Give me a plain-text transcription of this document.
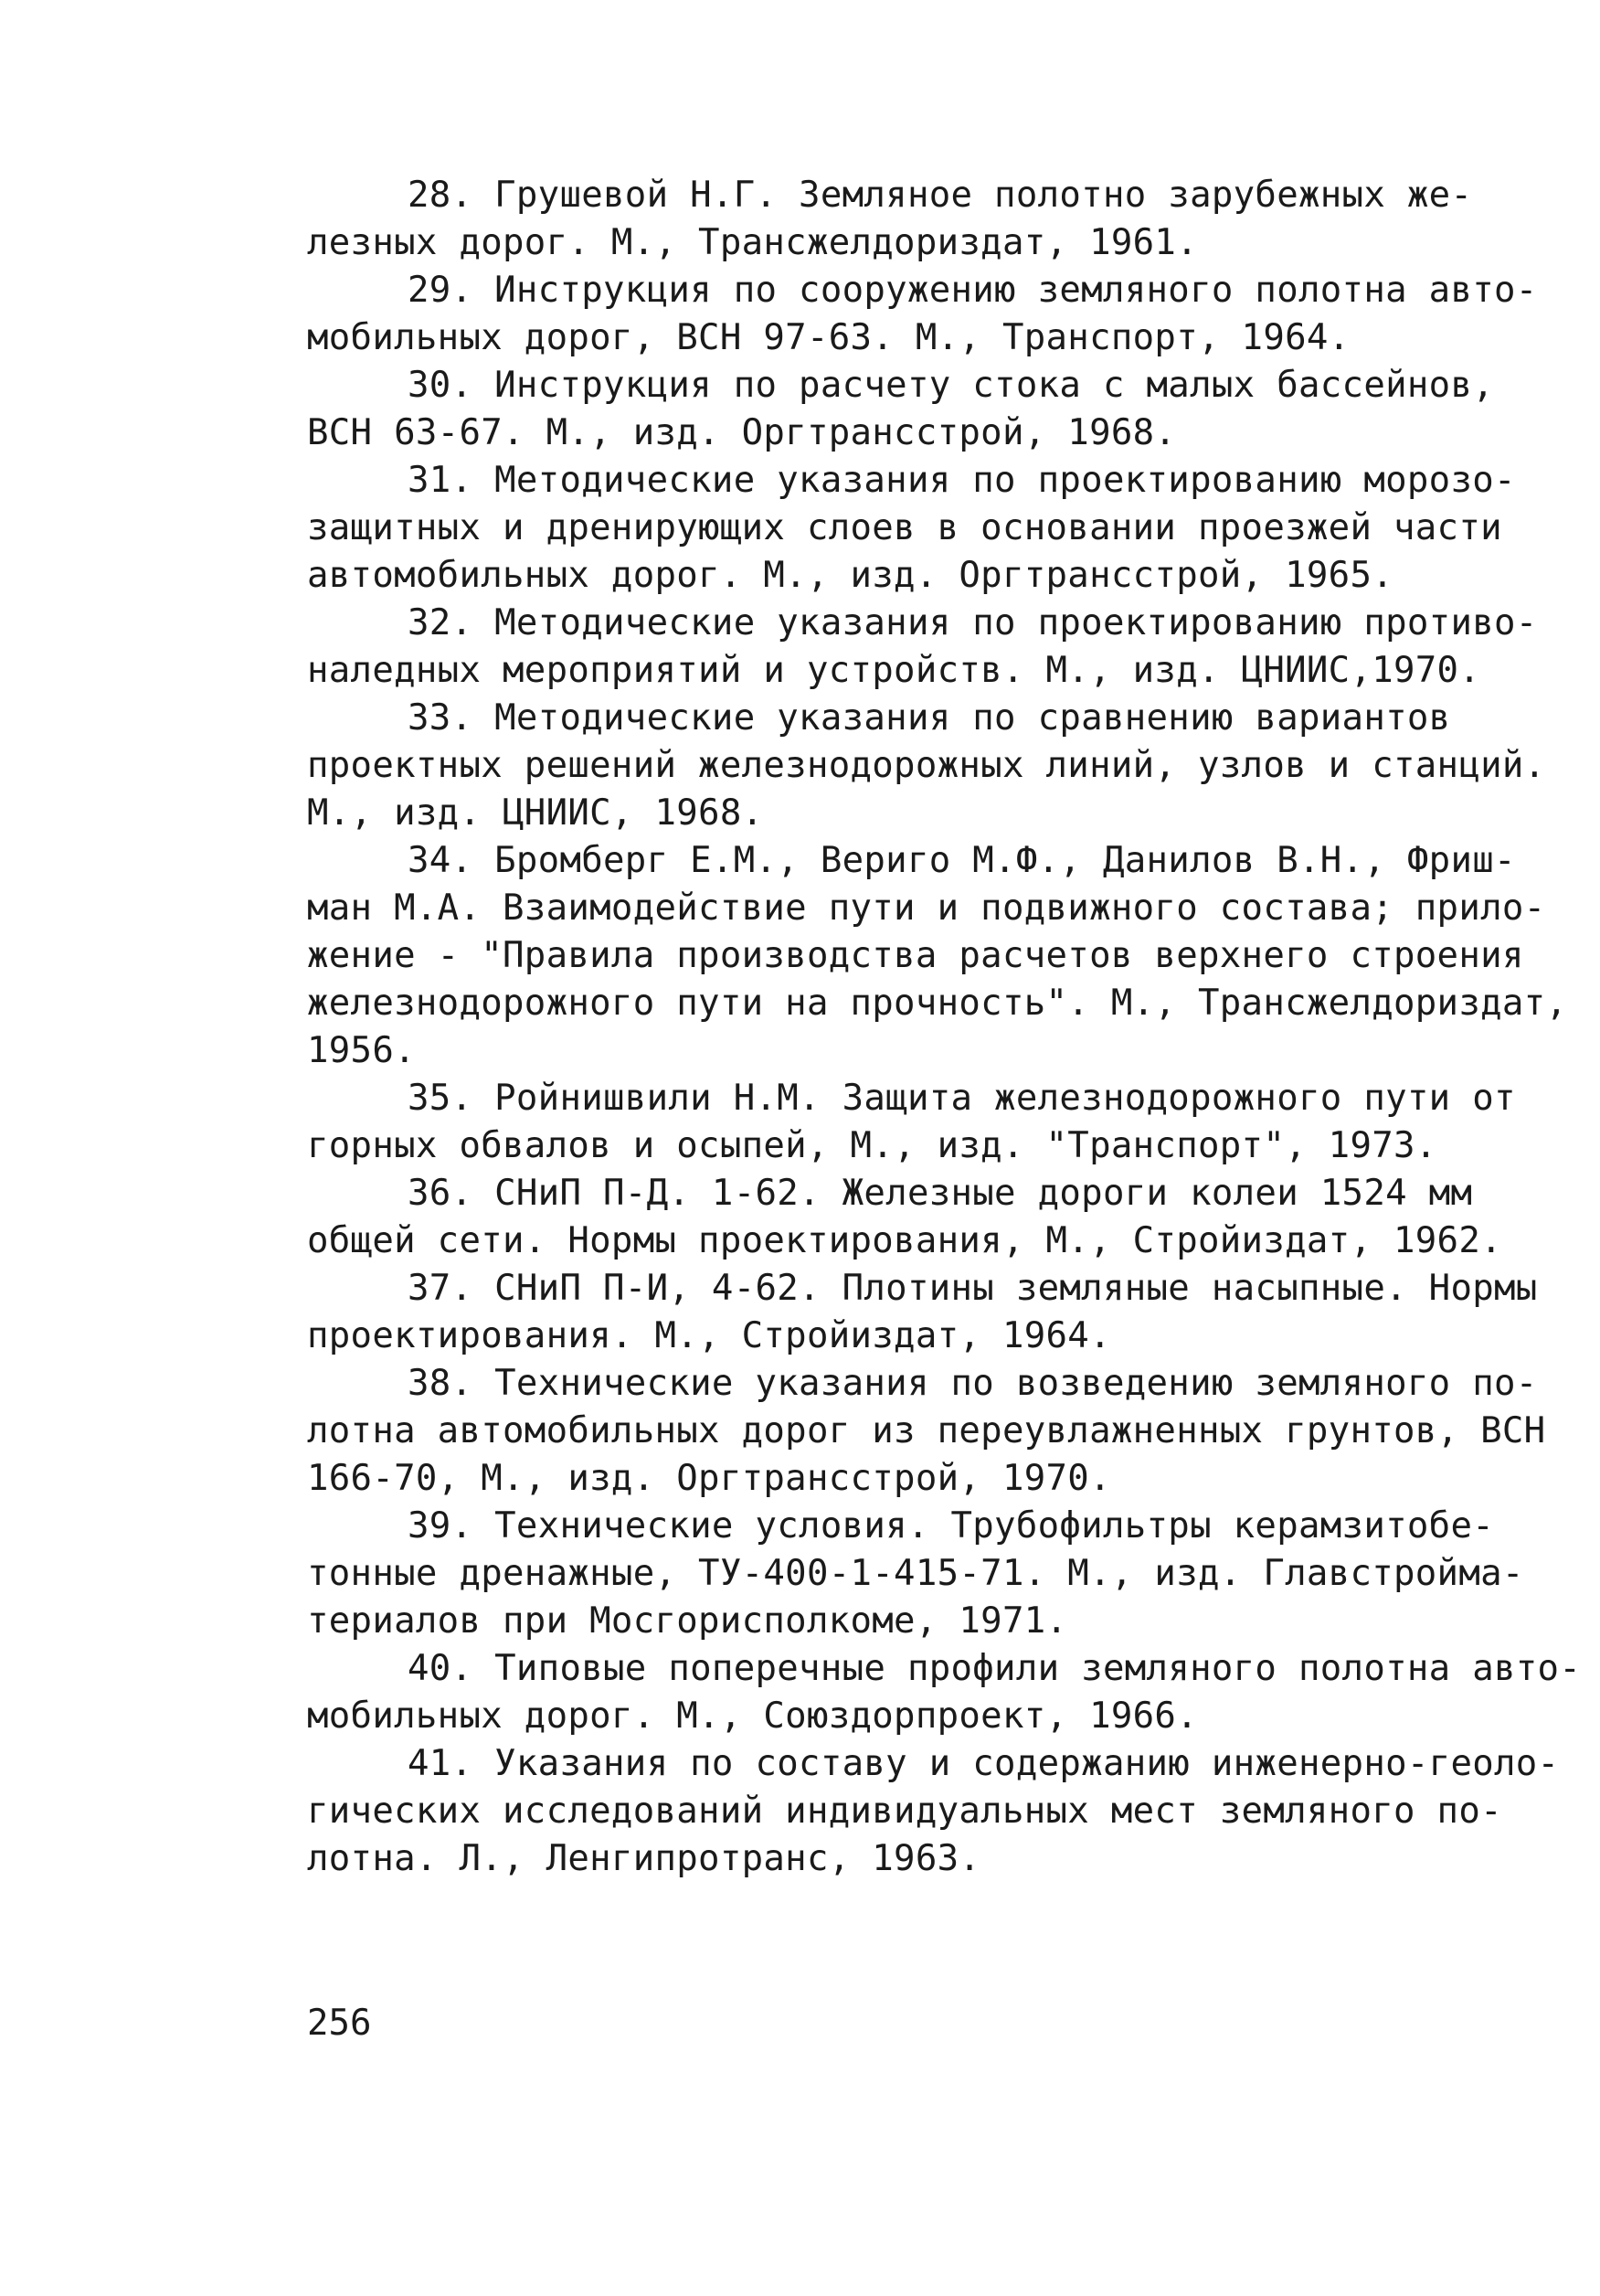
28. Грушевой Н.Г. Земляное полотно зарубежных же-
лезных дорог. М., Трансжелдориздат, 1961.
29. Инструкция по сооружению земляного полотна авто-
мобильных дорог, ВСН 97-63. М., Транспорт, 1964.
30. Инструкция по расчету стока с малых бассейнов,
ВСН 63-67. М., изд. Оргтрансстрой, 1968.
31. Методические указания по проектированию морозо-
защитных и дренирующих слоев в основании проезжей части
автомобильных дорог. М., изд. Оргтрансстрой, 1965.
32. Методические указания по проектированию противо-
наледных мероприятий и устройств. М., изд. ЦНИИС,1970.
33. Методические указания по сравнению вариантов
проектных решений железнодорожных линий, узлов и станций.
М., изд. ЦНИИС, 1968.
34. Бромберг Е.М., Вериго М.Ф., Данилов В.Н., Фриш-
ман М.А. Взаимодействие пути и подвижного состава; прило-
жение - "Правила производства расчетов верхнего строения
железнодорожного пути на прочность". М., Трансжелдориздат,
1956.
35. Ройнишвили Н.М. Защита железнодорожного пути от
горных обвалов и осыпей, М., изд. "Транспорт", 1973.
36. СНиП П-Д. 1-62. Железные дороги колеи 1524 мм
общей сети. Нормы проектирования, М., Стройиздат, 1962.
37. СНиП П-И, 4-62. Плотины земляные насыпные. Нормы
проектирования. М., Стройиздат, 1964.
38. Технические указания по возведению земляного по-
лотна автомобильных дорог из переувлажненных грунтов, ВСН
166-70, М., изд. Оргтрансстрой, 1970.
39. Технические условия. Трубофильтры керамзитобе-
тонные дренажные, ТУ-400-1-415-71. М., изд. Главстройма-
териалов при Мосгорисполкоме, 1971.
40. Типовые поперечные профили земляного полотна авто-
мобильных дорог. М., Союздорпроект, 1966.
41. Указания по составу и содержанию инженерно-геоло-
гических исследований индивидуальных мест земляного по-
лотна. Л., Ленгипротранс, 1963.
256
